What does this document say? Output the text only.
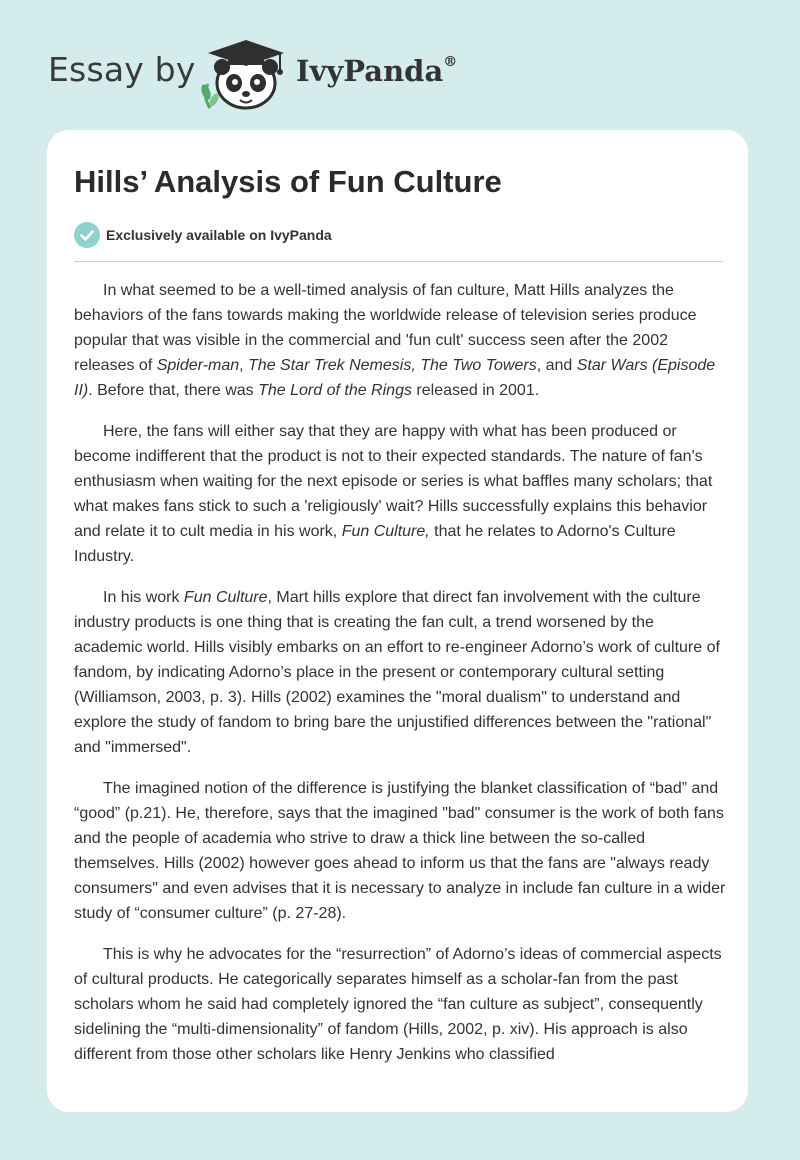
Essay by	IvyPanda®
Hills’ Analysis of Fun Culture
Exclusively available on IvyPanda

In what seemed to be a well-timed analysis of fan culture, Matt Hills analyzes the behaviors of the fans towards making the worldwide release of television series produce popular that was visible in the commercial and 'fun cult' success seen after the 2002 releases of Spider-man, The Star Trek Nemesis, The Two Towers, and Star Wars (Episode II). Before that, there was The Lord of the Rings released in 2001.

Here, the fans will either say that they are happy with what has been produced or become indifferent that the product is not to their expected standards. The nature of fan's enthusiasm when waiting for the next episode or series is what baffles many scholars; that what makes fans stick to such a 'religiously' wait? Hills successfully explains this behavior and relate it to cult media in his work, Fun Culture, that he relates to Adorno's Culture Industry.

In his work Fun Culture, Mart hills explore that direct fan involvement with the culture industry products is one thing that is creating the fan cult, a trend worsened by the academic world. Hills visibly embarks on an effort to re-engineer Adorno’s work of culture of fandom, by indicating Adorno’s place in the present or contemporary cultural setting (Williamson, 2003, p. 3). Hills (2002) examines the "moral dualism" to understand and explore the study of fandom to bring bare the unjustified differences between the "rational" and "immersed".

The imagined notion of the difference is justifying the blanket classification of “bad” and “good” (p.21). He, therefore, says that the imagined "bad" consumer is the work of both fans and the people of academia who strive to draw a thick line between the so-called themselves. Hills (2002) however goes ahead to inform us that the fans are "always ready consumers" and even advises that it is necessary to analyze in include fan culture in a wider study of “consumer culture” (p. 27-28).

This is why he advocates for the “resurrection” of Adorno’s ideas of commercial aspects of cultural products. He categorically separates himself as a scholar-fan from the past scholars whom he said had completely ignored the “fan culture as subject”, consequently sidelining the “multi-dimensionality” of fandom (Hills, 2002, p. xiv). His approach is also different from those other scholars like Henry Jenkins who classified
